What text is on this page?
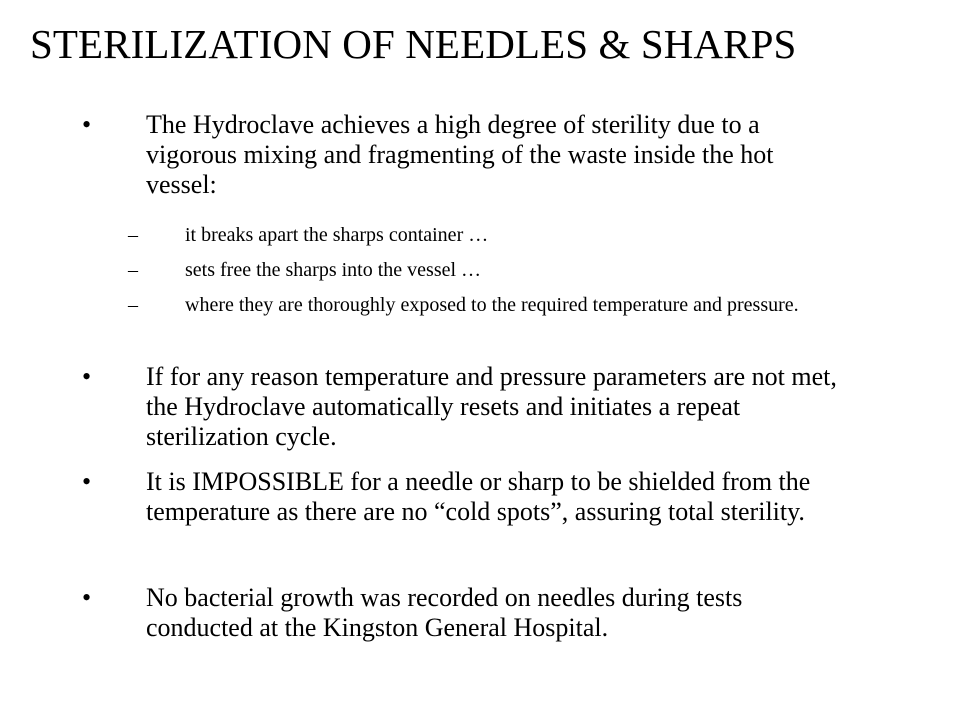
STERILIZATION OF NEEDLES & SHARPS
• The Hydroclave achieves a high degree of sterility due to a vigorous mixing and fragmenting of the waste inside the hot vessel:
– it breaks apart the sharps container …
– sets free the sharps into the vessel …
– where they are thoroughly exposed to the required temperature and pressure.
• If for any reason temperature and pressure parameters are not met, the Hydroclave automatically resets and initiates a repeat sterilization cycle.
• It is IMPOSSIBLE for a needle or sharp to be shielded from the temperature as there are no “cold spots”, assuring total sterility.
• No bacterial growth was recorded on needles during tests conducted at the Kingston General Hospital.
